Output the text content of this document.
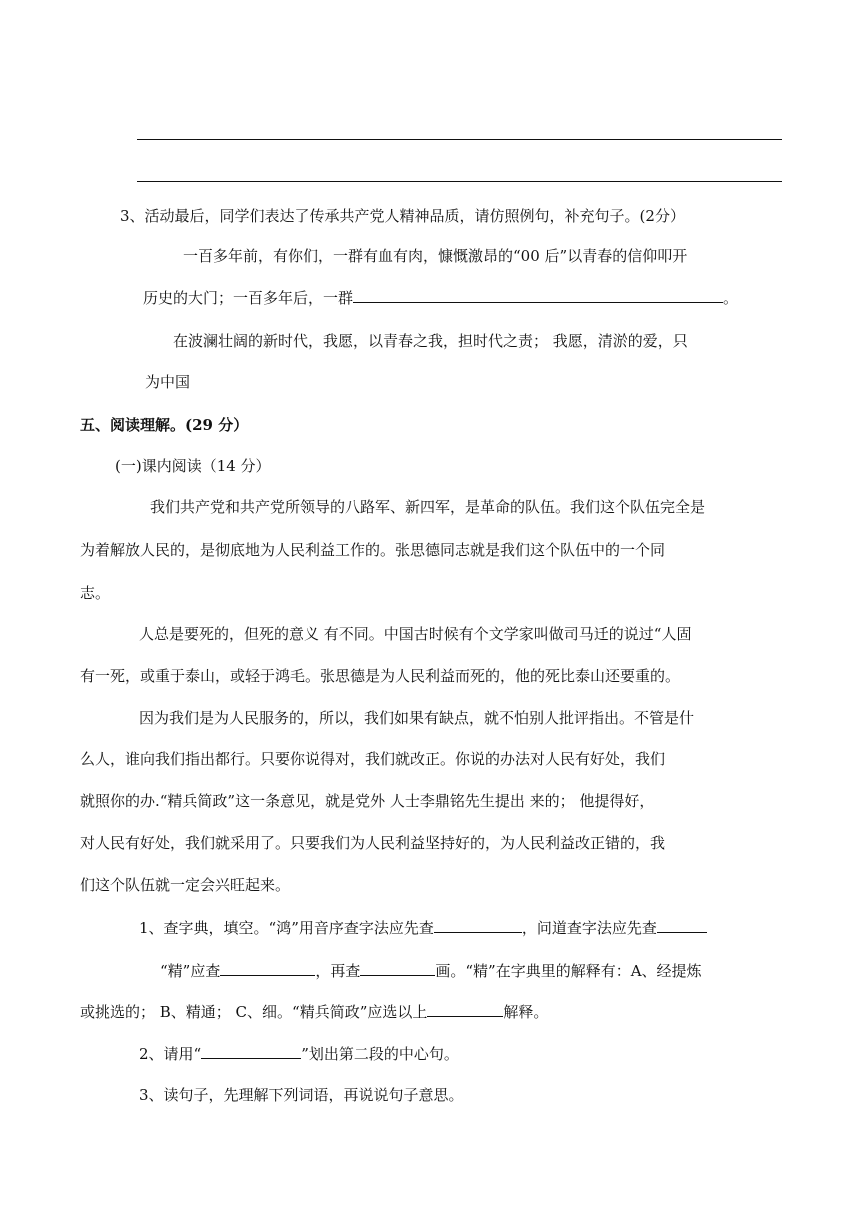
3、活动最后，同学们表达了传承共产党人精神品质，请仿照例句，补充句子。(2分）
一百多年前，有你们，一群有血有肉，慷慨激昂的“00 后”以青春的信仰叩开
历史的大门；一百多年后，一群	。
在波澜壮阔的新时代，我愿，以青春之我，担时代之责； 我愿，清淤的爱，只
为中国
五、阅读理解。(29 分）
(一)课内阅读（14 分）
我们共产党和共产党所领导的八路军、新四军，是革命的队伍。我们这个队伍完全是
为着解放人民的，是彻底地为人民利益工作的。张思德同志就是我们这个队伍中的一个同
志。
人总是要死的，但死的意义 有不同。中国古时候有个文学家叫做司马迁的说过“人固
有一死，或重于泰山，或轻于鸿毛。张思德是为人民利益而死的，他的死比泰山还要重的。
因为我们是为人民服务的，所以，我们如果有缺点，就不怕别人批评指出。不管是什
么人，谁向我们指出都行。只要你说得对，我们就改正。你说的办法对人民有好处，我们
就照你的办.“精兵简政”这一条意见，就是党外 人士李鼎铭先生提出 来的； 他提得好，
对人民有好处，我们就采用了。只要我们为人民利益坚持好的，为人民利益改正错的，我
们这个队伍就一定会兴旺起来。
1、查字典，填空。“鸿”用音序查字法应先查	，问道查字法应先查
“精”应查	，再查	画。“精”在字典里的解释有：A、经提炼
或挑选的； B、精通； C、细。“精兵简政”应选以上	解释。
2、请用“	”划出第二段的中心句。
3、读句子，先理解下列词语，再说说句子意思。
